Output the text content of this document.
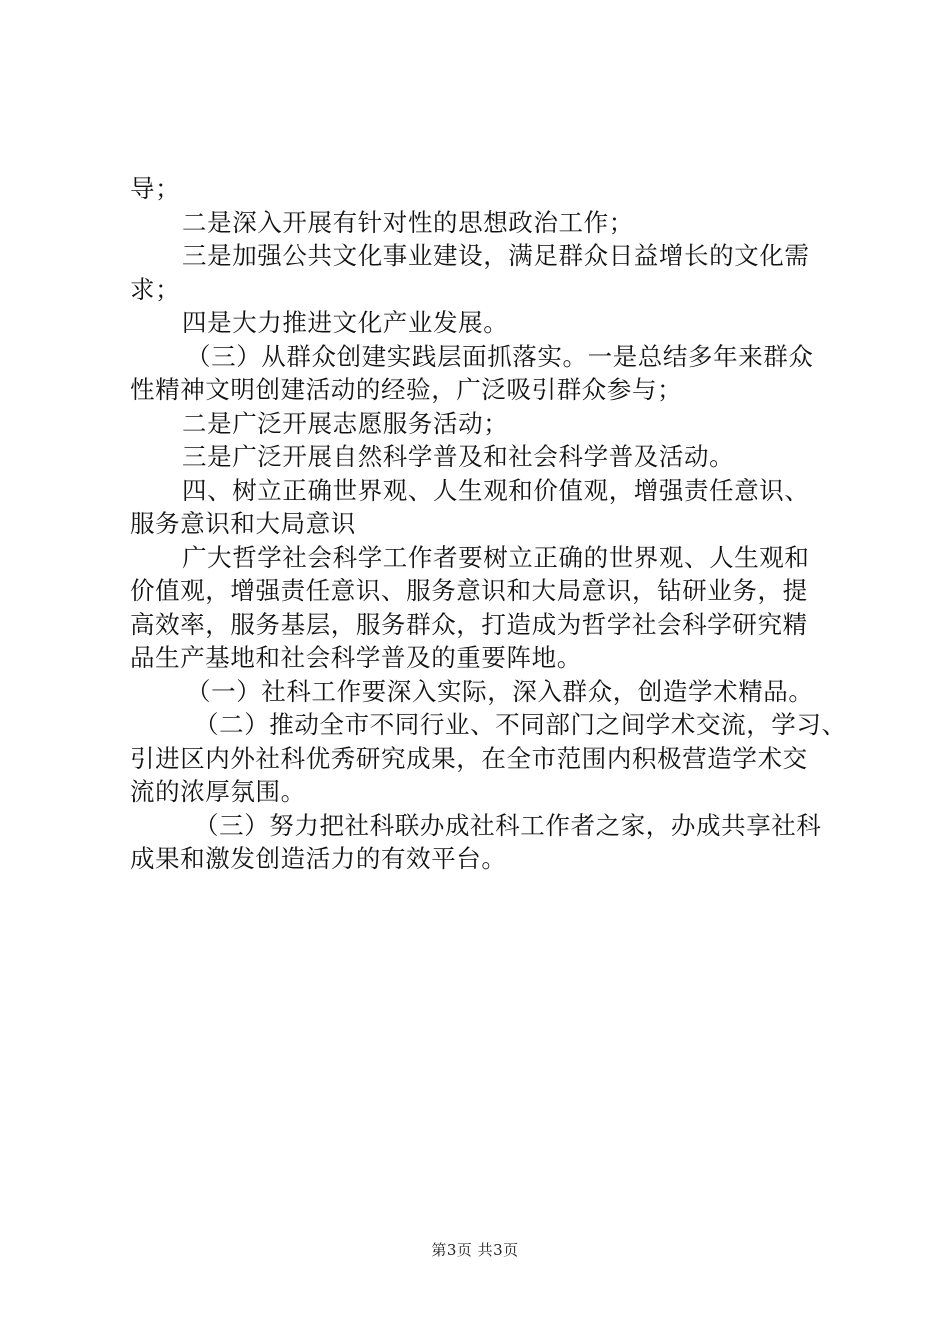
导；
二是深入开展有针对性的思想政治工作；
三是加强公共文化事业建设，满足群众日益增长的文化需
求；
四是大力推进文化产业发展。
（三）从群众创建实践层面抓落实。一是总结多年来群众
性精神文明创建活动的经验，广泛吸引群众参与；
二是广泛开展志愿服务活动；
三是广泛开展自然科学普及和社会科学普及活动。
四、树立正确世界观、人生观和价值观，增强责任意识、
服务意识和大局意识
广大哲学社会科学工作者要树立正确的世界观、人生观和
价值观，增强责任意识、服务意识和大局意识，钻研业务，提
高效率，服务基层，服务群众，打造成为哲学社会科学研究精
品生产基地和社会科学普及的重要阵地。
（一）社科工作要深入实际，深入群众，创造学术精品。
（二）推动全市不同行业、不同部门之间学术交流，学习、
引进区内外社科优秀研究成果，在全市范围内积极营造学术交
流的浓厚氛围。
（三）努力把社科联办成社科工作者之家，办成共享社科
成果和激发创造活力的有效平台。
第3页 共3页
